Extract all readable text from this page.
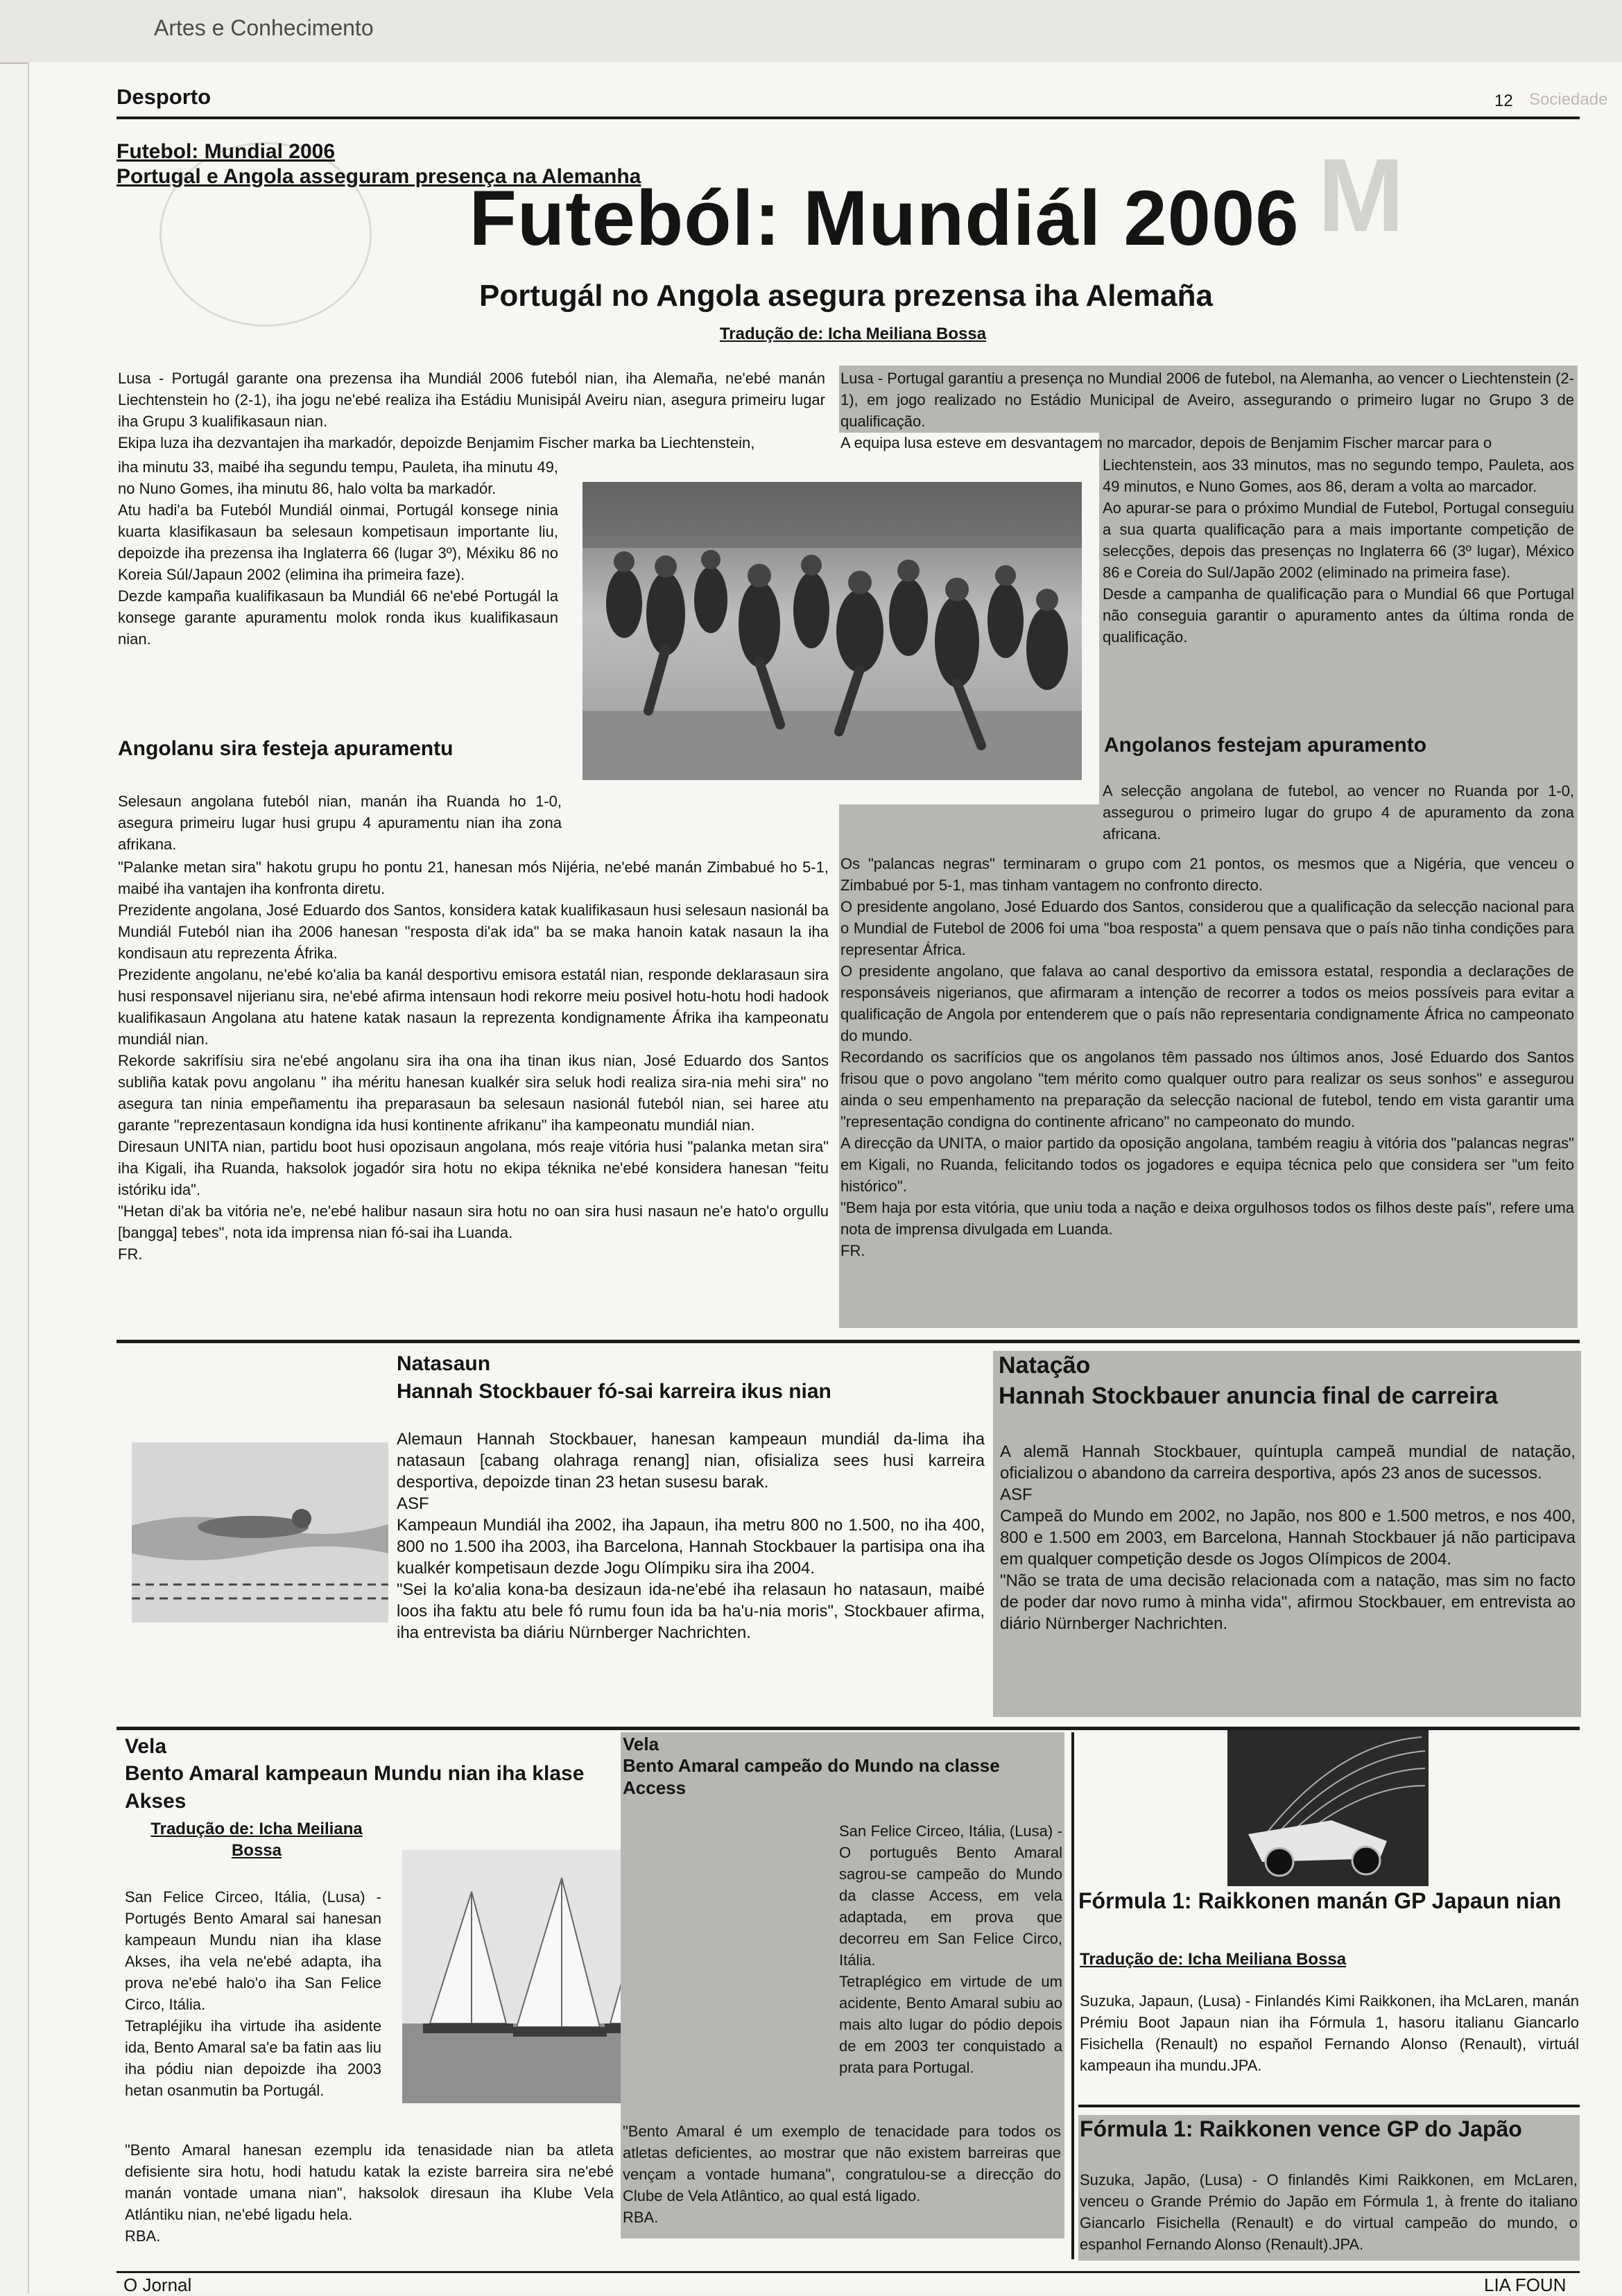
Artes e Conhecimento
Desporto	12 Sociedade
M
Futebol: Mundial 2006
Portugal e Angola asseguram presença na Alemanha
Futeból: Mundiál 2006
Portugál no Angola asegura prezensa iha Alemaña
Tradução de: Icha Meiliana Bossa

Lusa - Portugál garante ona prezensa iha Mundiál 2006 futeból nian, iha Alemaña, ne'ebé manán Liechtenstein ho (2-1), iha jogu ne'ebé realiza iha Estádiu Munisipál Aveiru nian, asegura primeiru lugar iha Grupu 3 kualifikasaun nian.

Ekipa luza iha dezvantajen iha markadór, depoizde Benjamim Fischer marka ba Liechtenstein,

iha minutu 33, maibé iha segundu tempu, Pauleta, iha minutu 49, no Nuno Gomes, iha minutu 86, halo volta ba markadór.

Atu hadi'a ba Futeból Mundiál oinmai, Portugál konsege ninia kuarta klasifikasaun ba selesaun kompetisaun importante liu, depoizde iha prezensa iha Inglaterra 66 (lugar 3º), Méxiku 86 no Koreia Súl/Japaun 2002 (elimina iha primeira faze).

Dezde kampaña kualifikasaun ba Mundiál 66 ne'ebé Portugál la konsege garante apuramentu molok ronda ikus kualifikasaun nian.

Angolanu sira festeja apuramentu

Selesaun angolana futeból nian, manán iha Ruanda ho 1-0, asegura primeiru lugar husi grupu 4 apuramentu nian iha zona afrikana.

"Palanke metan sira" hakotu grupu ho pontu 21, hanesan mós Nijéria, ne'ebé manán Zimbabué ho 5-1, maibé iha vantajen iha konfronta diretu.

Prezidente angolana, José Eduardo dos Santos, konsidera katak kualifikasaun husi selesaun nasionál ba Mundiál Futeból nian iha 2006 hanesan "resposta di'ak ida" ba se maka hanoin katak nasaun la iha kondisaun atu reprezenta Áfrika.

Prezidente angolanu, ne'ebé ko'alia ba kanál desportivu emisora estatál nian, responde deklarasaun sira husi responsavel nijerianu sira, ne'ebé afirma intensaun hodi rekorre meiu posivel hotu-hotu hodi hadook kualifikasaun Angolana atu hatene katak nasaun la reprezenta kondignamente Áfrika iha kampeonatu mundiál nian.

Rekorde sakrifísiu sira ne'ebé angolanu sira iha ona iha tinan ikus nian, José Eduardo dos Santos subliña katak povu angolanu " iha méritu hanesan kualkér sira seluk hodi realiza sira-nia mehi sira" no asegura tan ninia empeñamentu iha preparasaun ba selesaun nasionál futeból nian, sei haree atu garante "reprezentasaun kondigna ida husi kontinente afrikanu" iha kampeonatu mundiál nian.

Diresaun UNITA nian, partidu boot husi opozisaun angolana, mós reaje vitória husi "palanka metan sira" iha Kigali, iha Ruanda, haksolok jogadór sira hotu no ekipa téknika ne'ebé konsidera hanesan "feitu istóriku ida".

"Hetan di'ak ba vitória ne'e, ne'ebé halibur nasaun sira hotu no oan sira husi nasaun ne'e hato'o orgullu [bangga] tebes", nota ida imprensa nian fó-sai iha Luanda.

FR.

Lusa - Portugal garantiu a presença no Mundial 2006 de futebol, na Alemanha, ao vencer o Liechtenstein (2-1), em jogo realizado no Estádio Municipal de Aveiro, assegurando o primeiro lugar no Grupo 3 de qualificação.

A equipa lusa esteve em desvantagem no marcador, depois de Benjamim Fischer marcar para o

Liechtenstein, aos 33 minutos, mas no segundo tempo, Pauleta, aos 49 minutos, e Nuno Gomes, aos 86, deram a volta ao marcador.

Ao apurar-se para o próximo Mundial de Futebol, Portugal conseguiu a sua quarta qualificação para a mais importante competição de selecções, depois das presenças no Inglaterra 66 (3º lugar), México 86 e Coreia do Sul/Japão 2002 (eliminado na primeira fase).

Desde a campanha de qualificação para o Mundial 66 que Portugal não conseguia garantir o apuramento antes da última ronda de qualificação.

Angolanos festejam apuramento

A selecção angolana de futebol, ao vencer no Ruanda por 1-0, assegurou o primeiro lugar do grupo 4 de apuramento da zona africana.

Os "palancas negras" terminaram o grupo com 21 pontos, os mesmos que a Nigéria, que venceu o Zimbabué por 5-1, mas tinham vantagem no confronto directo.

O presidente angolano, José Eduardo dos Santos, considerou que a qualificação da selecção nacional para o Mundial de Futebol de 2006 foi uma "boa resposta" a quem pensava que o país não tinha condições para representar África.

O presidente angolano, que falava ao canal desportivo da emissora estatal, respondia a declarações de responsáveis nigerianos, que afirmaram a intenção de recorrer a todos os meios possíveis para evitar a qualificação de Angola por entenderem que o país não representaria condignamente África no campeonato do mundo.

Recordando os sacrifícios que os angolanos têm passado nos últimos anos, José Eduardo dos Santos frisou que o povo angolano "tem mérito como qualquer outro para realizar os seus sonhos" e assegurou ainda o seu empenhamento na preparação da selecção nacional de futebol, tendo em vista garantir uma "representação condigna do continente africano" no campeonato do mundo.

A direcção da UNITA, o maior partido da oposição angolana, também reagiu à vitória dos "palancas negras" em Kigali, no Ruanda, felicitando todos os jogadores e equipa técnica pelo que considera ser "um feito histórico".

"Bem haja por esta vitória, que uniu toda a nação e deixa orgulhosos todos os filhos deste país", refere uma nota de imprensa divulgada em Luanda.

FR.

Natasaun
Hannah Stockbauer fó-sai karreira ikus nian

Alemaun Hannah Stockbauer, hanesan kampeaun mundiál da-lima iha natasaun [cabang olahraga renang] nian, ofisializa sees husi karreira desportiva, depoizde tinan 23 hetan susesu barak.

ASF

Kampeaun Mundiál iha 2002, iha Japaun, iha metru 800 no 1.500, no iha 400, 800 no 1.500 iha 2003, iha Barcelona, Hannah Stockbauer la partisipa ona iha kualkér kompetisaun dezde Jogu Olímpiku sira iha 2004.

"Sei la ko'alia kona-ba desizaun ida-ne'ebé iha relasaun ho natasaun, maibé loos iha faktu atu bele fó rumu foun ida ba ha'u-nia moris", Stockbauer afirma, iha entrevista ba diáriu Nürnberger Nachrichten.

Natação
Hannah Stockbauer anuncia final de carreira

A alemã Hannah Stockbauer, quíntupla campeã mundial de natação, oficializou o abandono da carreira desportiva, após 23 anos de sucessos.

ASF

Campeã do Mundo em 2002, no Japão, nos 800 e 1.500 metros, e nos 400, 800 e 1.500 em 2003, em Barcelona, Hannah Stockbauer já não participava em qualquer competição desde os Jogos Olímpicos de 2004.

"Não se trata de uma decisão relacionada com a natação, mas sim no facto de poder dar novo rumo à minha vida", afirmou Stockbauer, em entrevista ao diário Nürnberger Nachrichten.

Vela
Bento Amaral kampeaun Mundu nian iha klase Akses
Tradução de: Icha Meiliana Bossa

San Felice Circeo, Itália, (Lusa) - Portugés Bento Amaral sai hanesan kampeaun Mundu nian iha klase Akses, iha vela ne'ebé adapta, iha prova ne'ebé halo'o iha San Felice Circo, Itália.

Tetrapléjiku iha virtude iha asidente ida, Bento Amaral sa'e ba fatin aas liu iha pódiu nian depoizde iha 2003 hetan osanmutin ba Portugál.

"Bento Amaral hanesan ezemplu ida tenasidade nian ba atleta defisiente sira hotu, hodi hatudu katak la eziste barreira sira ne'ebé manán vontade umana nian", haksolok diresaun iha Klube Vela Atlántiku nian, ne'ebé ligadu hela.

RBA.

Vela
Bento Amaral campeão do Mundo na classe Access

San Felice Circeo, Itália, (Lusa) - O português Bento Amaral sagrou-se campeão do Mundo da classe Access, em vela adaptada, em prova que decorreu em San Felice Circo, Itália.

Tetraplégico em virtude de um acidente, Bento Amaral subiu ao mais alto lugar do pódio depois de em 2003 ter conquistado a prata para Portugal.

"Bento Amaral é um exemplo de tenacidade para todos os atletas deficientes, ao mostrar que não existem barreiras que vençam a vontade humana", congratulou-se a direcção do Clube de Vela Atlântico, ao qual está ligado.

RBA.

Fórmula 1: Raikkonen manán GP Japaun nian
Tradução de: Icha Meiliana Bossa

Suzuka, Japaun, (Lusa) - Finlandés Kimi Raikkonen, iha McLaren, manán Prémiu Boot Japaun nian iha Fórmula 1, hasoru italianu Giancarlo Fisichella (Renault) no espaňol Fernando Alonso (Renault), virtuál kampeaun iha mundu.JPA.

Fórmula 1: Raikkonen vence GP do Japão

Suzuka, Japão, (Lusa) - O finlandês Kimi Raikkonen, em McLaren, venceu o Grande Prémio do Japão em Fórmula 1, à frente do italiano Giancarlo Fisichella (Renault) e do virtual campeão do mundo, o espanhol Fernando Alonso (Renault).JPA.

O Jornal	LIA FOUN
